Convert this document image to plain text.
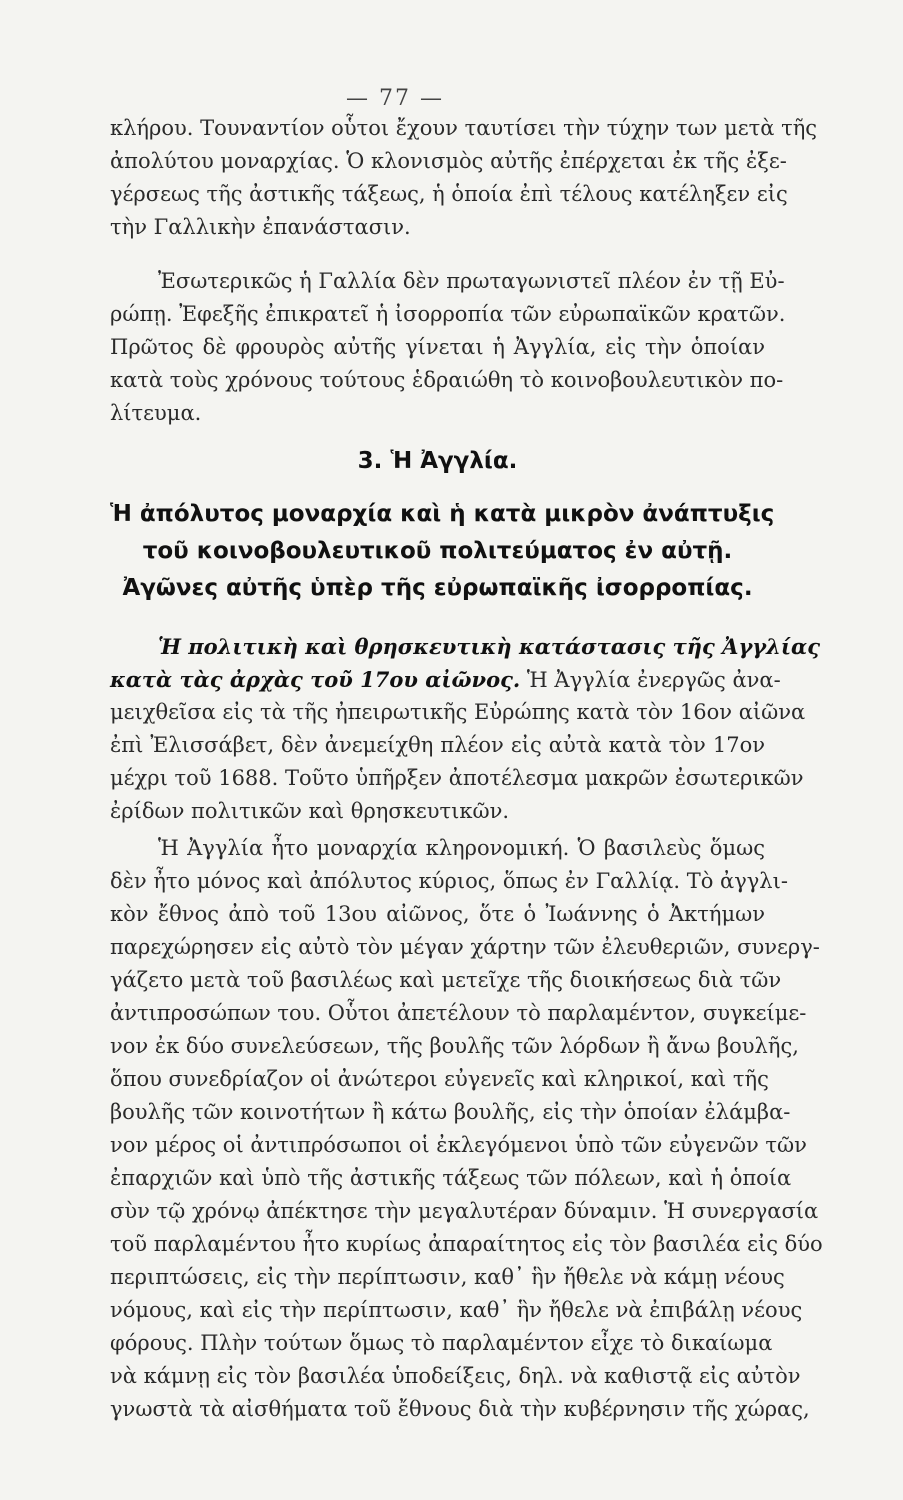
— 77 —
κλήρου. Τουναντίον οὗτοι ἔχουν ταυτίσει τὴν τύχην των μετὰ τῆς
ἀπολύτου μοναρχίας. Ὁ κλονισμὸς αὐτῆς ἐπέρχεται ἐκ τῆς ἐξε-
γέρσεως τῆς ἀστικῆς τάξεως, ἡ ὁποία ἐπὶ τέλους κατέληξεν εἰς
τὴν Γαλλικὴν ἐπανάστασιν.
Ἐσωτερικῶς ἡ Γαλλία δὲν πρωταγωνιστεῖ πλέον ἐν τῇ Εὐ-
ρώπῃ. Ἐφεξῆς ἐπικρατεῖ ἡ ἰσορροπία τῶν εὐρωπαϊκῶν κρατῶν.
Πρῶτος δὲ φρουρὸς αὐτῆς γίνεται ἡ Ἀγγλία, εἰς τὴν ὁποίαν
κατὰ τοὺς χρόνους τούτους ἑδραιώθη τὸ κοινοβουλευτικὸν πο-
λίτευμα.
3. Ἡ Ἀγγλία.
Ἡ ἀπόλυτος μοναρχία καὶ ἡ κατὰ μικρὸν ἀνάπτυξις
τοῦ κοινοβουλευτικοῦ πολιτεύματος ἐν αὐτῇ.
Ἀγῶνες αὐτῆς ὑπὲρ τῆς εὐρωπαϊκῆς ἰσορροπίας.
Ἡ πολιτικὴ καὶ θρησκευτικὴ κατάστασις τῆς Ἀγγλίας
κατὰ τὰς ἀρχὰς τοῦ 17ου αἰῶνος. Ἡ Ἀγγλία ἐνεργῶς ἀνα-
μειχθεῖσα εἰς τὰ τῆς ἠπειρωτικῆς Εὐρώπης κατὰ τὸν 16ον αἰῶνα
ἐπὶ Ἐλισσάβετ, δὲν ἀνεμείχθη πλέον εἰς αὐτὰ κατὰ τὸν 17ον
μέχρι τοῦ 1688. Τοῦτο ὑπῆρξεν ἀποτέλεσμα μακρῶν ἐσωτερικῶν
ἐρίδων πολιτικῶν καὶ θρησκευτικῶν.
Ἡ Ἀγγλία ἦτο μοναρχία κληρονομική. Ὁ βασιλεὺς ὅμως
δὲν ἦτο μόνος καὶ ἀπόλυτος κύριος, ὅπως ἐν Γαλλίᾳ. Τὸ ἀγγλι-
κὸν ἔθνος ἀπὸ τοῦ 13ου αἰῶνος, ὅτε ὁ Ἰωάννης ὁ Ἀκτήμων
παρεχώρησεν εἰς αὐτὸ τὸν μέγαν χάρτην τῶν ἐλευθεριῶν, συνεργ-
γάζετο μετὰ τοῦ βασιλέως καὶ μετεῖχε τῆς διοικήσεως διὰ τῶν
ἀντιπροσώπων του. Οὗτοι ἀπετέλουν τὸ παρλαμέντον, συγκείμε-
νον ἐκ δύο συνελεύσεων, τῆς βουλῆς τῶν λόρδων ἢ ἄνω βουλῆς,
ὅπου συνεδρίαζον οἱ ἀνώτεροι εὐγενεῖς καὶ κληρικοί, καὶ τῆς
βουλῆς τῶν κοινοτήτων ἢ κάτω βουλῆς, εἰς τὴν ὁποίαν ἐλάμβα-
νον μέρος οἱ ἀντιπρόσωποι οἱ ἐκλεγόμενοι ὑπὸ τῶν εὐγενῶν τῶν
ἐπαρχιῶν καὶ ὑπὸ τῆς ἀστικῆς τάξεως τῶν πόλεων, καὶ ἡ ὁποία
σὺν τῷ χρόνῳ ἀπέκτησε τὴν μεγαλυτέραν δύναμιν. Ἡ συνεργασία
τοῦ παρλαμέντου ἦτο κυρίως ἀπαραίτητος εἰς τὸν βασιλέα εἰς δύο
περιπτώσεις, εἰς τὴν περίπτωσιν, καθ᾽ ἣν ἤθελε νὰ κάμῃ νέους
νόμους, καὶ εἰς τὴν περίπτωσιν, καθ᾽ ἣν ἤθελε νὰ ἐπιβάλῃ νέους
φόρους. Πλὴν τούτων ὅμως τὸ παρλαμέντον εἶχε τὸ δικαίωμα
νὰ κάμνῃ εἰς τὸν βασιλέα ὑποδείξεις, δηλ. νὰ καθιστᾷ εἰς αὐτὸν
γνωστὰ τὰ αἰσθήματα τοῦ ἔθνους διὰ τὴν κυβέρνησιν τῆς χώρας,
